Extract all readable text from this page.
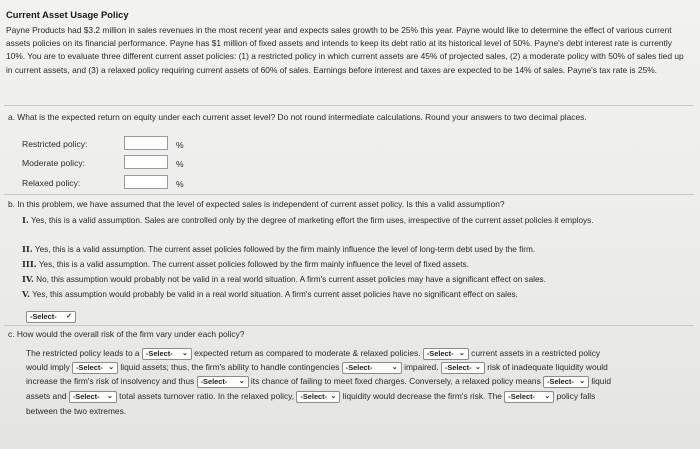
Current Asset Usage Policy
Payne Products had $3.2 million in sales revenues in the most recent year and expects sales growth to be 25% this year. Payne would like to determine the effect of various current assets policies on its financial performance. Payne has $1 million of fixed assets and intends to keep its debt ratio at its historical level of 50%. Payne's debt interest rate is currently 10%. You are to evaluate three different current asset policies: (1) a restricted policy in which current assets are 45% of projected sales, (2) a moderate policy with 50% of sales tied up in current assets, and (3) a relaxed policy requiring current assets of 60% of sales. Earnings before interest and taxes are expected to be 14% of sales. Payne's tax rate is 25%.
a. What is the expected return on equity under each current asset level? Do not round intermediate calculations. Round your answers to two decimal places.
Restricted policy:	%
Moderate policy:	%
Relaxed policy:	%
b. In this problem, we have assumed that the level of expected sales is independent of current asset policy. Is this a valid assumption?
I. Yes, this is a valid assumption. Sales are controlled only by the degree of marketing effort the firm uses, irrespective of the current asset policies it employs.
II. Yes, this is a valid assumption. The current asset policies followed by the firm mainly influence the level of long-term debt used by the firm.
III. Yes, this is a valid assumption. The current asset policies followed by the firm mainly influence the level of fixed assets.
IV. No, this assumption would probably not be valid in a real world situation. A firm's current asset policies may have a significant effect on sales.
V. Yes, this assumption would probably be valid in a real world situation. A firm's current asset policies have no significant effect on sales.
-Select- ✓
c. How would the overall risk of the firm vary under each policy?
The restricted policy leads to a -Select- ⌄ expected return as compared to moderate & relaxed policies. -Select- ⌄ current assets in a restricted policy
would imply -Select- ⌄ liquid assets; thus, the firm's ability to handle contingencies -Select-	⌄ impaired. -Select- ⌄ risk of inadequate liquidity would
increase the firm's risk of insolvency and thus -Select- ⌄ its chance of failing to meet fixed charges. Conversely, a relaxed policy means -Select- ⌄ liquid
assets and -Select- ⌄ total assets turnover ratio. In the relaxed policy, -Select- ⌄ liquidity would decrease the firm's risk. The -Select- ⌄ policy falls
between the two extremes.
